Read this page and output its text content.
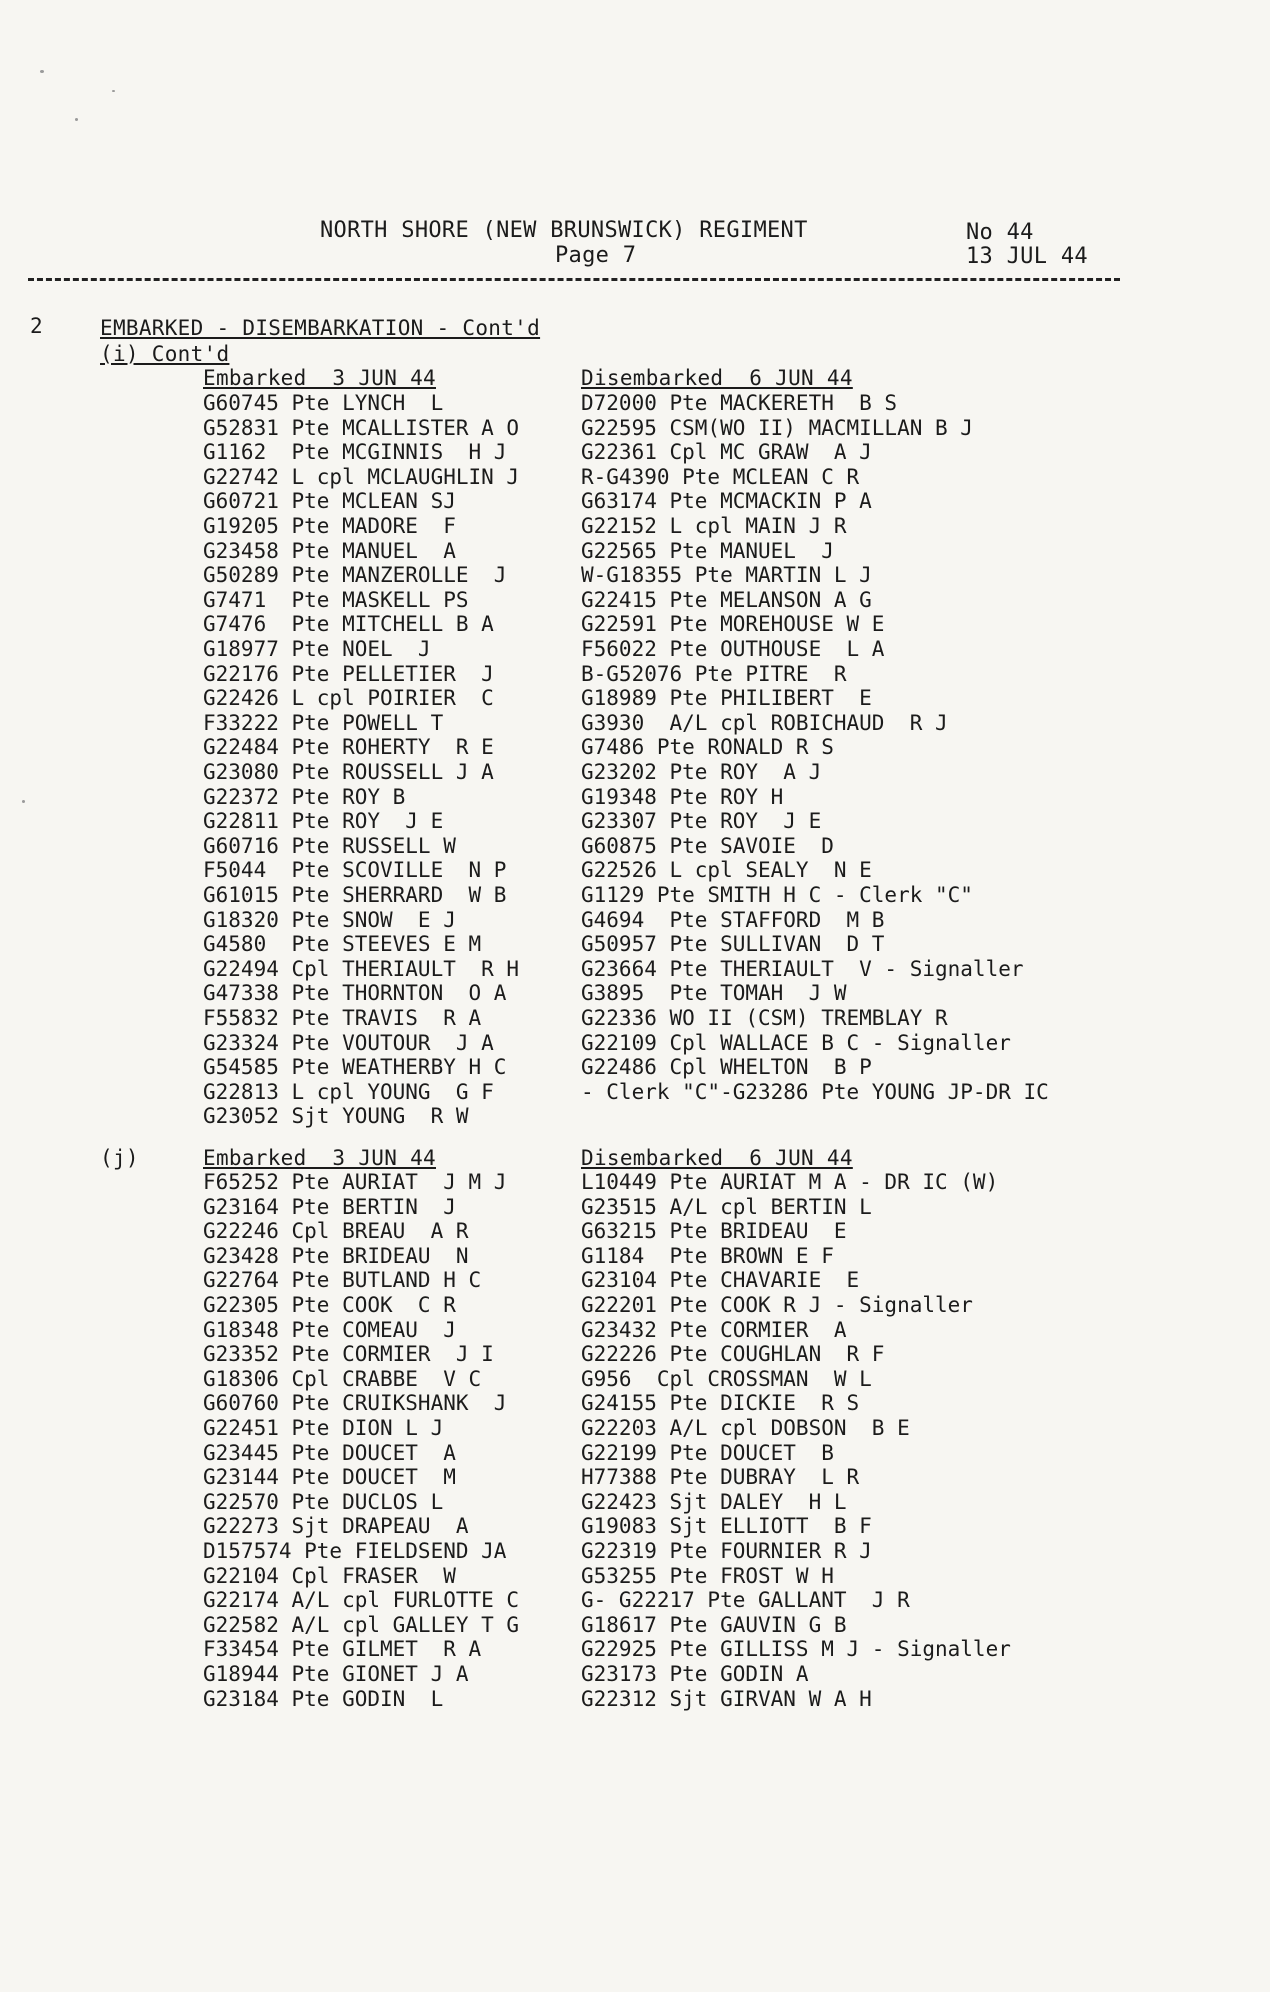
NORTH SHORE (NEW BRUNSWICK) REGIMENT
Page 7
No 44
13 JUL 44
2	EMBARKED - DISEMBARKATION - Cont'd
(i) Cont'd
Embarked  3 JUN 44	Disembarked  6 JUN 44
G60745 Pte LYNCH  L	D72000 Pte MACKERETH  B S
G52831 Pte MCALLISTER A O	G22595 CSM(WO II) MACMILLAN B J
G1162  Pte MCGINNIS  H J	G22361 Cpl MC GRAW  A J
G22742 L cpl MCLAUGHLIN J	R-G4390 Pte MCLEAN C R
G60721 Pte MCLEAN SJ	G63174 Pte MCMACKIN P A
G19205 Pte MADORE  F	G22152 L cpl MAIN J R
G23458 Pte MANUEL  A	G22565 Pte MANUEL  J
G50289 Pte MANZEROLLE  J	W-G18355 Pte MARTIN L J
G7471  Pte MASKELL PS	G22415 Pte MELANSON A G
G7476  Pte MITCHELL B A	G22591 Pte MOREHOUSE W E
G18977 Pte NOEL  J	F56022 Pte OUTHOUSE  L A
G22176 Pte PELLETIER  J	B-G52076 Pte PITRE  R
G22426 L cpl POIRIER  C	G18989 Pte PHILIBERT  E
F33222 Pte POWELL T	G3930  A/L cpl ROBICHAUD  R J
G22484 Pte ROHERTY  R E	G7486 Pte RONALD R S
G23080 Pte ROUSSELL J A	G23202 Pte ROY  A J
G22372 Pte ROY B	G19348 Pte ROY H
G22811 Pte ROY  J E	G23307 Pte ROY  J E
G60716 Pte RUSSELL W	G60875 Pte SAVOIE  D
F5044  Pte SCOVILLE  N P	G22526 L cpl SEALY  N E
G61015 Pte SHERRARD  W B	G1129 Pte SMITH H C - Clerk "C"
G18320 Pte SNOW  E J	G4694  Pte STAFFORD  M B
G4580  Pte STEEVES E M	G50957 Pte SULLIVAN  D T
G22494 Cpl THERIAULT  R H	G23664 Pte THERIAULT  V - Signaller
G47338 Pte THORNTON  O A	G3895  Pte TOMAH  J W
F55832 Pte TRAVIS  R A	G22336 WO II (CSM) TREMBLAY R
G23324 Pte VOUTOUR  J A	G22109 Cpl WALLACE B C - Signaller
G54585 Pte WEATHERBY H C	G22486 Cpl WHELTON  B P
G22813 L cpl YOUNG  G F	- Clerk "C"-G23286 Pte YOUNG JP-DR IC
G23052 Sjt YOUNG  R W
(j)	Embarked  3 JUN 44	Disembarked  6 JUN 44
F65252 Pte AURIAT  J M J	L10449 Pte AURIAT M A - DR IC (W)
G23164 Pte BERTIN  J	G23515 A/L cpl BERTIN L
G22246 Cpl BREAU  A R	G63215 Pte BRIDEAU  E
G23428 Pte BRIDEAU  N	G1184  Pte BROWN E F
G22764 Pte BUTLAND H C	G23104 Pte CHAVARIE  E
G22305 Pte COOK  C R	G22201 Pte COOK R J - Signaller
G18348 Pte COMEAU  J	G23432 Pte CORMIER  A
G23352 Pte CORMIER  J I	G22226 Pte COUGHLAN  R F
G18306 Cpl CRABBE  V C	G956  Cpl CROSSMAN  W L
G60760 Pte CRUIKSHANK  J	G24155 Pte DICKIE  R S
G22451 Pte DION L J	G22203 A/L cpl DOBSON  B E
G23445 Pte DOUCET  A	G22199 Pte DOUCET  B
G23144 Pte DOUCET  M	H77388 Pte DUBRAY  L R
G22570 Pte DUCLOS L	G22423 Sjt DALEY  H L
G22273 Sjt DRAPEAU  A	G19083 Sjt ELLIOTT  B F
D157574 Pte FIELDSEND JA	G22319 Pte FOURNIER R J
G22104 Cpl FRASER  W	G53255 Pte FROST W H
G22174 A/L cpl FURLOTTE C	G- G22217 Pte GALLANT  J R
G22582 A/L cpl GALLEY T G	G18617 Pte GAUVIN G B
F33454 Pte GILMET  R A	G22925 Pte GILLISS M J - Signaller
G18944 Pte GIONET J A	G23173 Pte GODIN A
G23184 Pte GODIN  L	G22312 Sjt GIRVAN W A H
